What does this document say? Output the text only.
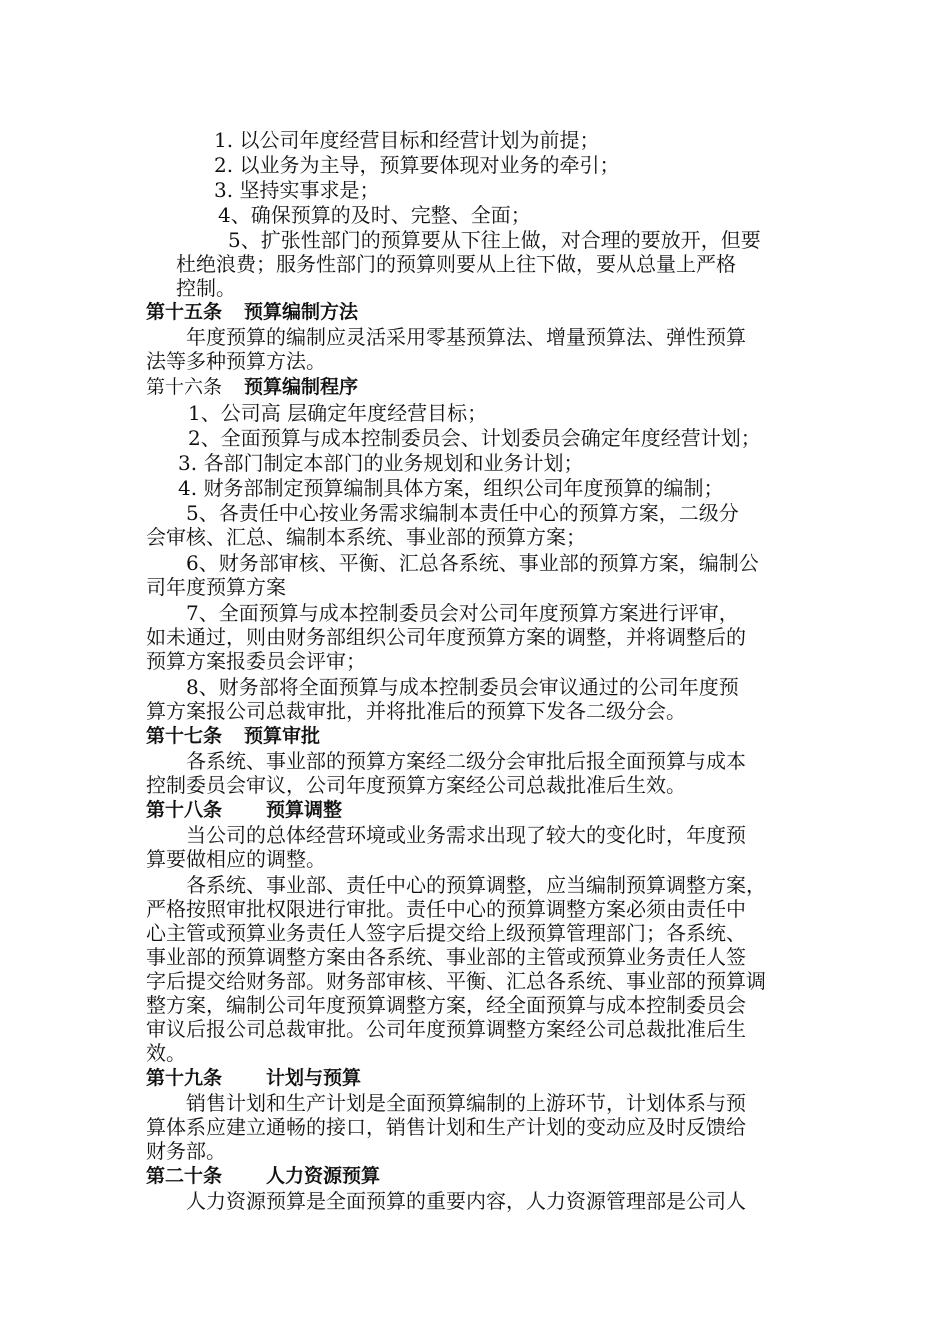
1. 以公司年度经营目标和经营计划为前提；
2. 以业务为主导，预算要体现对业务的牵引；
3. 坚持实事求是；
4、确保预算的及时、完整、全面；
5、扩张性部门的预算要从下往上做，对合理的要放开，但要
杜绝浪费；服务性部门的预算则要从上往下做，要从总量上严格
控制。
第十五条 预算编制方法
年度预算的编制应灵活采用零基预算法、增量预算法、弹性预算
法等多种预算方法。
第十六条 预算编制程序
1、公司高 层确定年度经营目标；
2、全面预算与成本控制委员会、计划委员会确定年度经营计划；
3. 各部门制定本部门的业务规划和业务计划；
4. 财务部制定预算编制具体方案，组织公司年度预算的编制；
5、各责任中心按业务需求编制本责任中心的预算方案，二级分
会审核、汇总、编制本系统、事业部的预算方案；
6、财务部审核、平衡、汇总各系统、事业部的预算方案，编制公
司年度预算方案
7、全面预算与成本控制委员会对公司年度预算方案进行评审，
如未通过，则由财务部组织公司年度预算方案的调整，并将调整后的
预算方案报委员会评审；
8、财务部将全面预算与成本控制委员会审议通过的公司年度预
算方案报公司总裁审批，并将批准后的预算下发各二级分会。
第十七条 预算审批
各系统、事业部的预算方案经二级分会审批后报全面预算与成本
控制委员会审议，公司年度预算方案经公司总裁批准后生效。
第十八条 预算调整
当公司的总体经营环境或业务需求出现了较大的变化时，年度预
算要做相应的调整。
各系统、事业部、责任中心的预算调整，应当编制预算调整方案，
严格按照审批权限进行审批。责任中心的预算调整方案必须由责任中
心主管或预算业务责任人签字后提交给上级预算管理部门；各系统、
事业部的预算调整方案由各系统、事业部的主管或预算业务责任人签
字后提交给财务部。财务部审核、平衡、汇总各系统、事业部的预算调
整方案，编制公司年度预算调整方案，经全面预算与成本控制委员会
审议后报公司总裁审批。公司年度预算调整方案经公司总裁批准后生
效。
第十九条 计划与预算
销售计划和生产计划是全面预算编制的上游环节，计划体系与预
算体系应建立通畅的接口，销售计划和生产计划的变动应及时反馈给
财务部。
第二十条 人力资源预算
人力资源预算是全面预算的重要内容，人力资源管理部是公司人
